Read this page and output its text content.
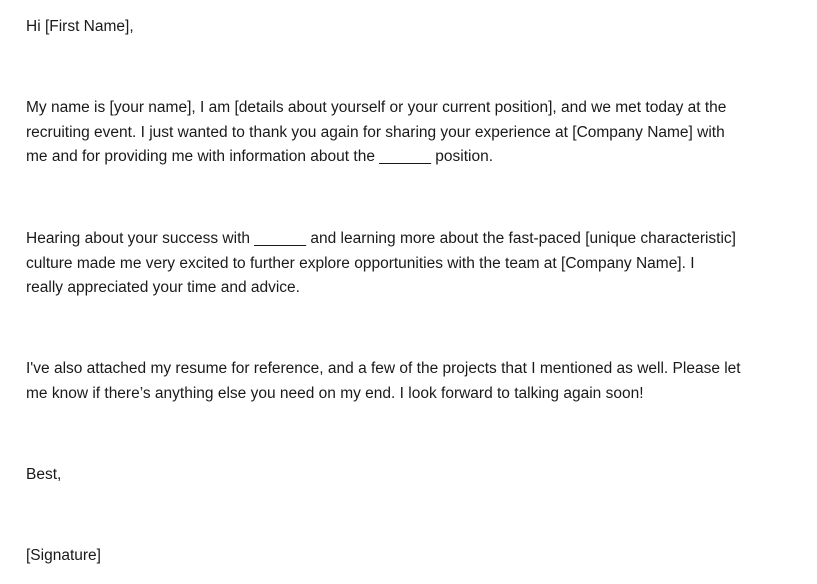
Hi [First Name],

My name is [your name], I am [details about yourself or your current position], and we met today at the
recruiting event. I just wanted to thank you again for sharing your experience at [Company Name] with
me and for providing me with information about the ______ position.
Hearing about your success with ______ and learning more about the fast-paced [unique characteristic]
culture made me very excited to further explore opportunities with the team at [Company Name]. I
really appreciated your time and advice.
I've also attached my resume for reference, and a few of the projects that I mentioned as well. Please let
me know if there’s anything else you need on my end. I look forward to talking again soon!

Best,

[Signature]
